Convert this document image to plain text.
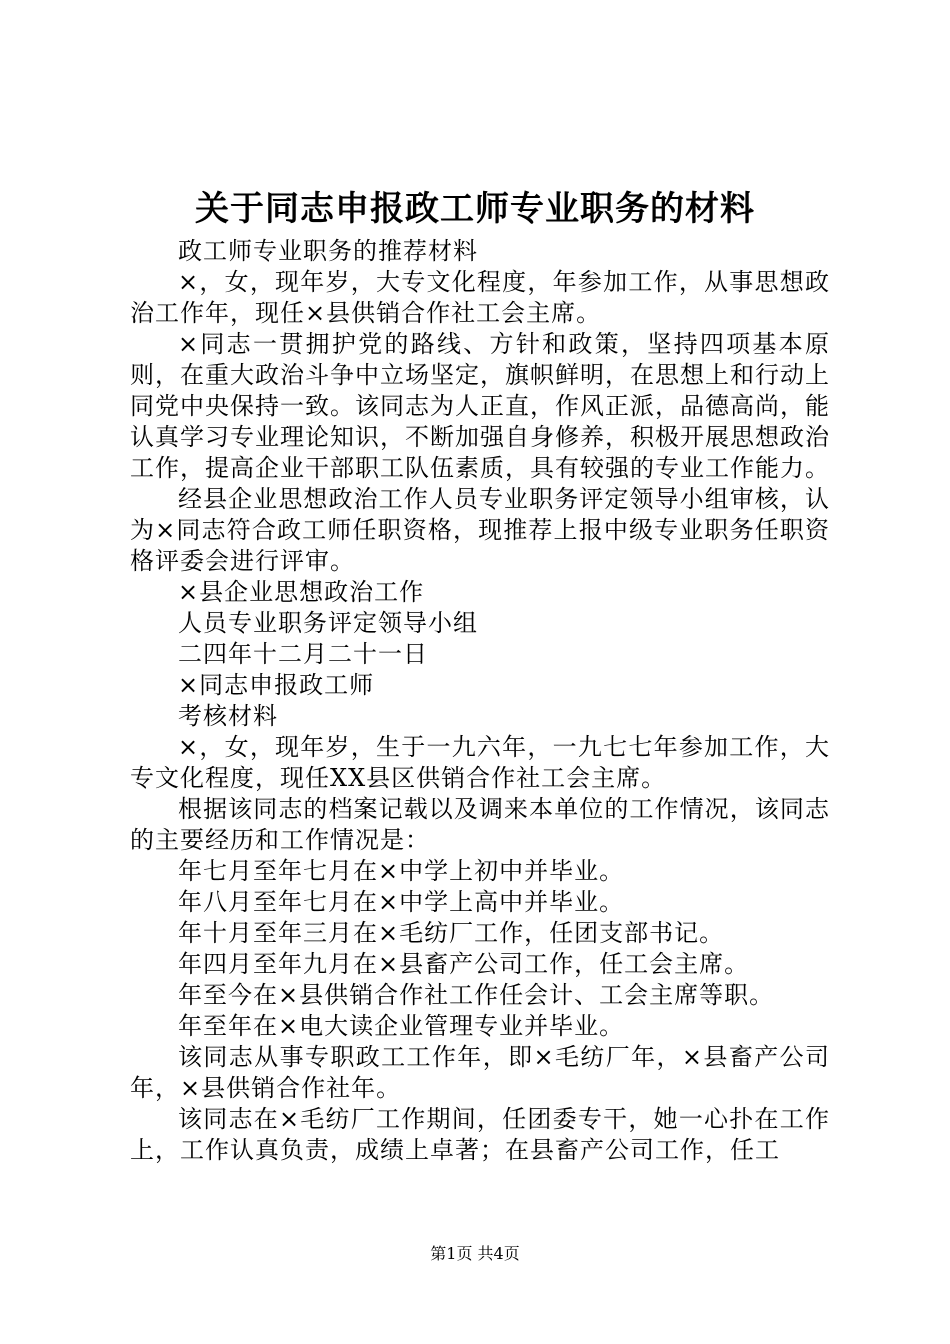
关于同志申报政工师专业职务的材料

政工师专业职务的推荐材料

×，女，现年岁，大专文化程度，年参加工作，从事思想政治工作年，现任×县供销合作社工会主席。

×同志一贯拥护党的路线、方针和政策，坚持四项基本原则，在重大政治斗争中立场坚定，旗帜鲜明，在思想上和行动上同党中央保持一致。该同志为人正直，作风正派，品德高尚，能认真学习专业理论知识，不断加强自身修养，积极开展思想政治工作，提高企业干部职工队伍素质，具有较强的专业工作能力。

经县企业思想政治工作人员专业职务评定领导小组审核，认为×同志符合政工师任职资格，现推荐上报中级专业职务任职资格评委会进行评审。

×县企业思想政治工作

人员专业职务评定领导小组

二四年十二月二十一日

×同志申报政工师

考核材料

×，女，现年岁，生于一九六年，一九七七年参加工作，大专文化程度，现任XX县区供销合作社工会主席。

根据该同志的档案记载以及调来本单位的工作情况，该同志的主要经历和工作情况是：

年七月至年七月在×中学上初中并毕业。

年八月至年七月在×中学上高中并毕业。

年十月至年三月在×毛纺厂工作，任团支部书记。

年四月至年九月在×县畜产公司工作，任工会主席。

年至今在×县供销合作社工作任会计、工会主席等职。

年至年在×电大读企业管理专业并毕业。

该同志从事专职政工工作年，即×毛纺厂年，×县畜产公司年，×县供销合作社年。

该同志在×毛纺厂工作期间，任团委专干，她一心扑在工作上，工作认真负责，成绩上卓著；在县畜产公司工作，任工

第1页 共4页
